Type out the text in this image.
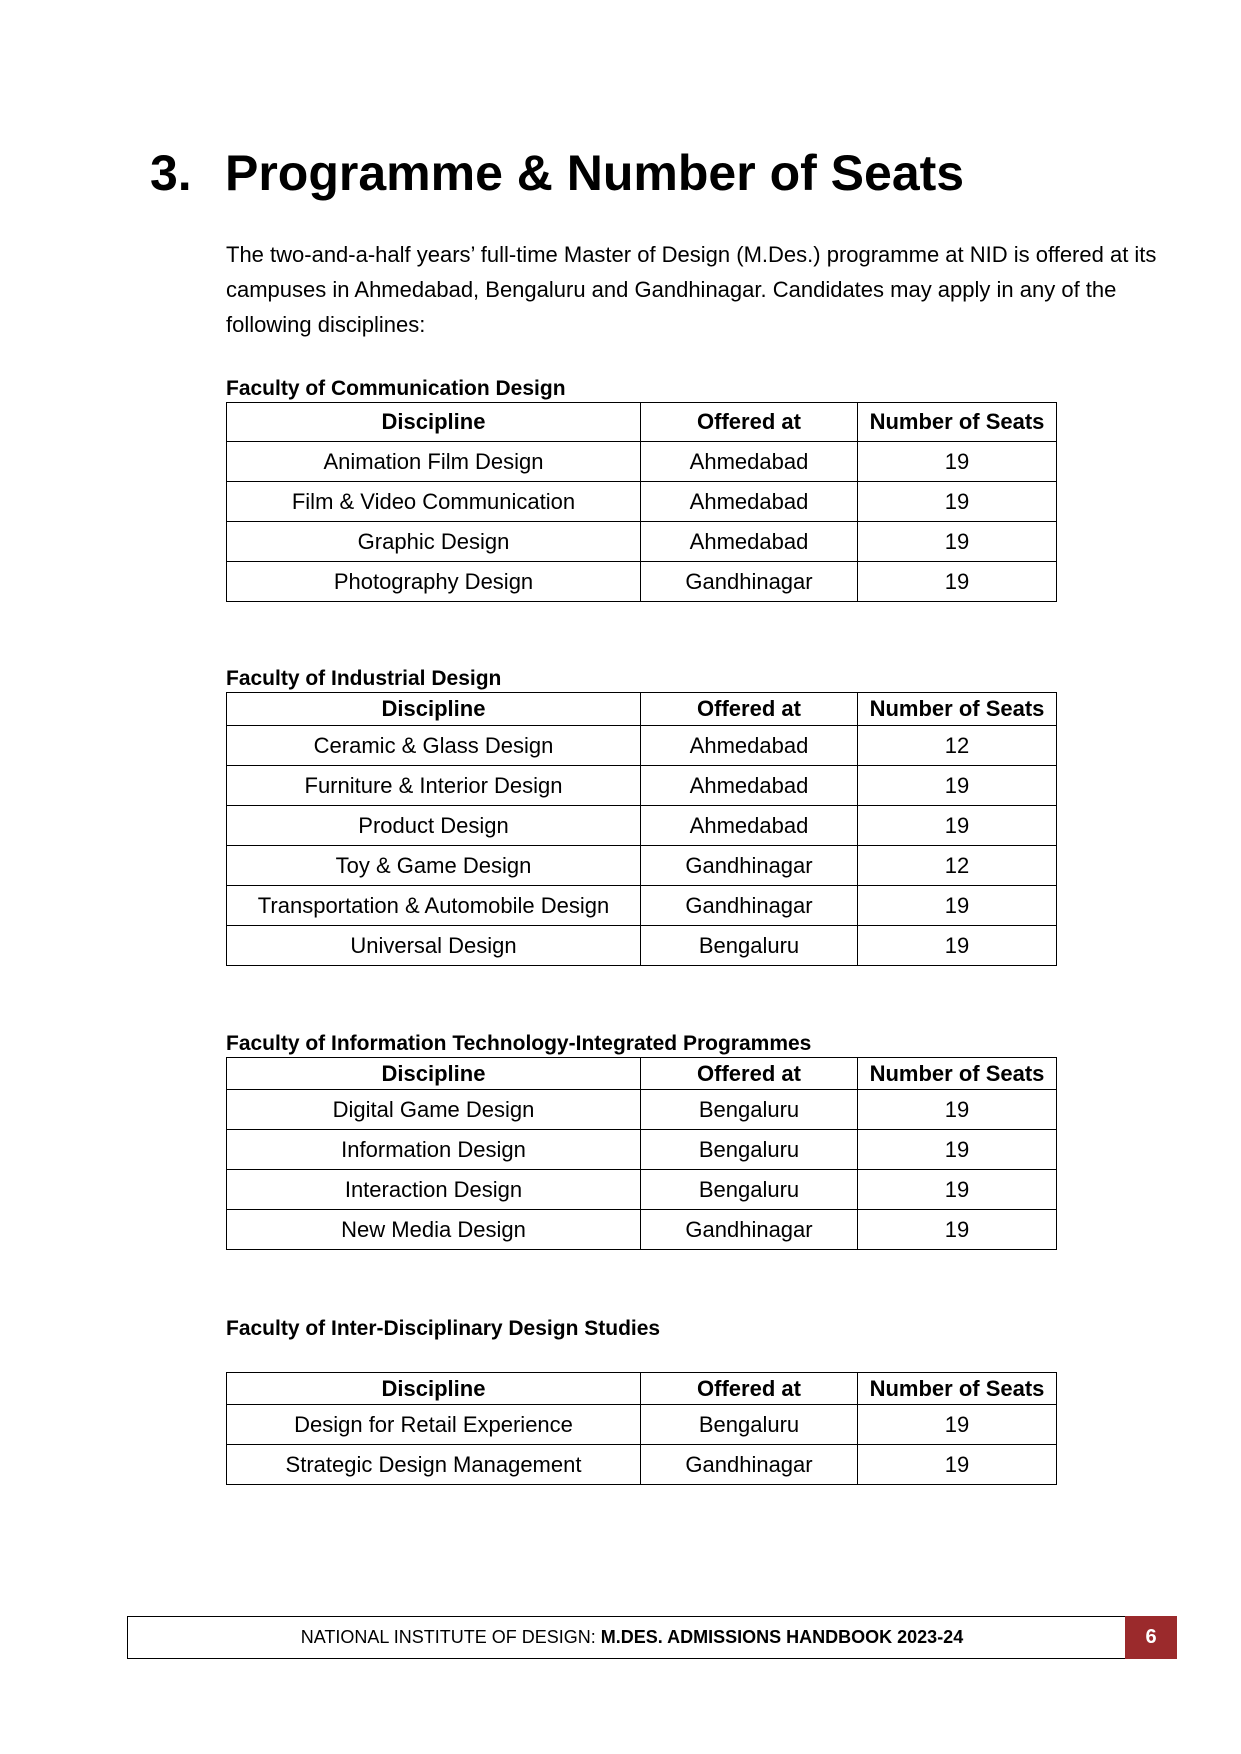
3. Programme & Number of Seats

The two-and-a-half years’ full-time Master of Design (M.Des.) programme at NID is offered at its campuses in Ahmedabad, Bengaluru and Gandhinagar. Candidates may apply in any of the following disciplines:

Faculty of Communication Design
Discipline	Offered at	Number of Seats
Animation Film Design	Ahmedabad	19
Film & Video Communication	Ahmedabad	19
Graphic Design	Ahmedabad	19
Photography Design	Gandhinagar	19
Faculty of Industrial Design
Discipline	Offered at	Number of Seats
Ceramic & Glass Design	Ahmedabad	12
Furniture & Interior Design	Ahmedabad	19
Product Design	Ahmedabad	19
Toy & Game Design	Gandhinagar	12
Transportation & Automobile Design	Gandhinagar	19
Universal Design	Bengaluru	19
Faculty of Information Technology-Integrated Programmes
Discipline	Offered at	Number of Seats
Digital Game Design	Bengaluru	19
Information Design	Bengaluru	19
Interaction Design	Bengaluru	19
New Media Design	Gandhinagar	19
Faculty of Inter-Disciplinary Design Studies
Discipline	Offered at	Number of Seats
Design for Retail Experience	Bengaluru	19
Strategic Design Management	Gandhinagar	19
NATIONAL INSTITUTE OF DESIGN: M.DES. ADMISSIONS HANDBOOK 2023-24	6
